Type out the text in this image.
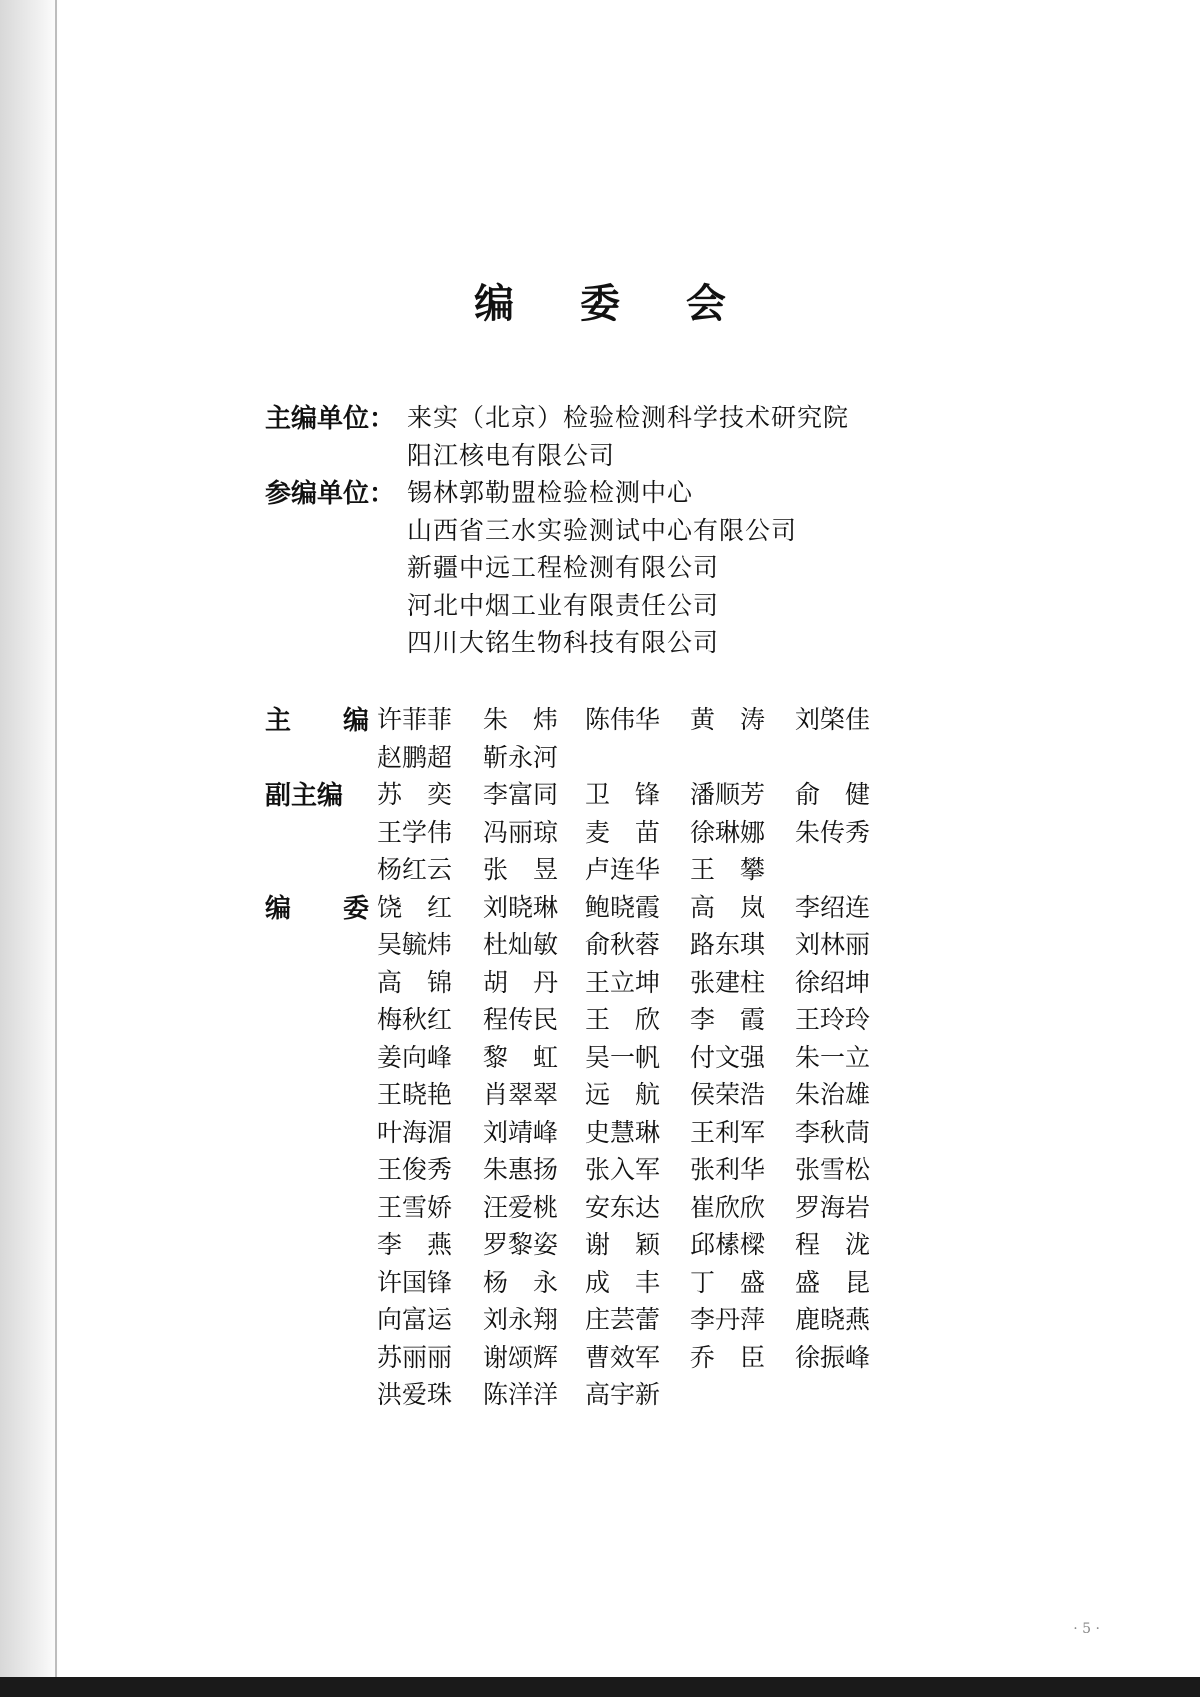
编 委 会
主编单位： 来实（北京）检验检测科学技术研究院
阳江核电有限公司
参编单位： 锡林郭勒盟检验检测中心
山西省三水实验测试中心有限公司
新疆中远工程检测有限公司
河北中烟工业有限责任公司
四川大铭生物科技有限公司
主　　编 许菲菲	朱　炜	陈伟华	黄　涛	刘棨佳
赵鹏超	靳永河
副主编	苏　奕	李富同	卫　锋	潘顺芳	俞　健
王学伟	冯丽琼	麦　苗	徐琳娜	朱传秀
杨红云	张　昱	卢连华	王　攀
编　　委 饶　红	刘晓琳	鲍晓霞	高　岚	李绍连
吴毓炜	杜灿敏	俞秋蓉	路东琪	刘林丽
高　锦	胡　丹	王立坤	张建柱	徐绍坤
梅秋红	程传民	王　欣	李　霞	王玲玲
姜向峰	黎　虹	吴一帆	付文强	朱一立
王晓艳	肖翠翠	远　航	侯荣浩	朱治雄
叶海湄	刘靖峰	史慧琳	王利军	李秋茼
王俊秀	朱惠扬	张入军	张利华	张雪松
王雪娇	汪爱桃	安东达	崔欣欣	罗海岩
李　燕	罗黎姿	谢　颖	邱榡樑	程　泷
许国锋	杨　永	成　丰	丁　盛	盛　昆
向富运	刘永翔	庄芸蕾	李丹萍	鹿晓燕
苏丽丽	谢颂辉	曹效军	乔　臣	徐振峰
洪爱珠	陈洋洋	高宇新
· 5 ·
